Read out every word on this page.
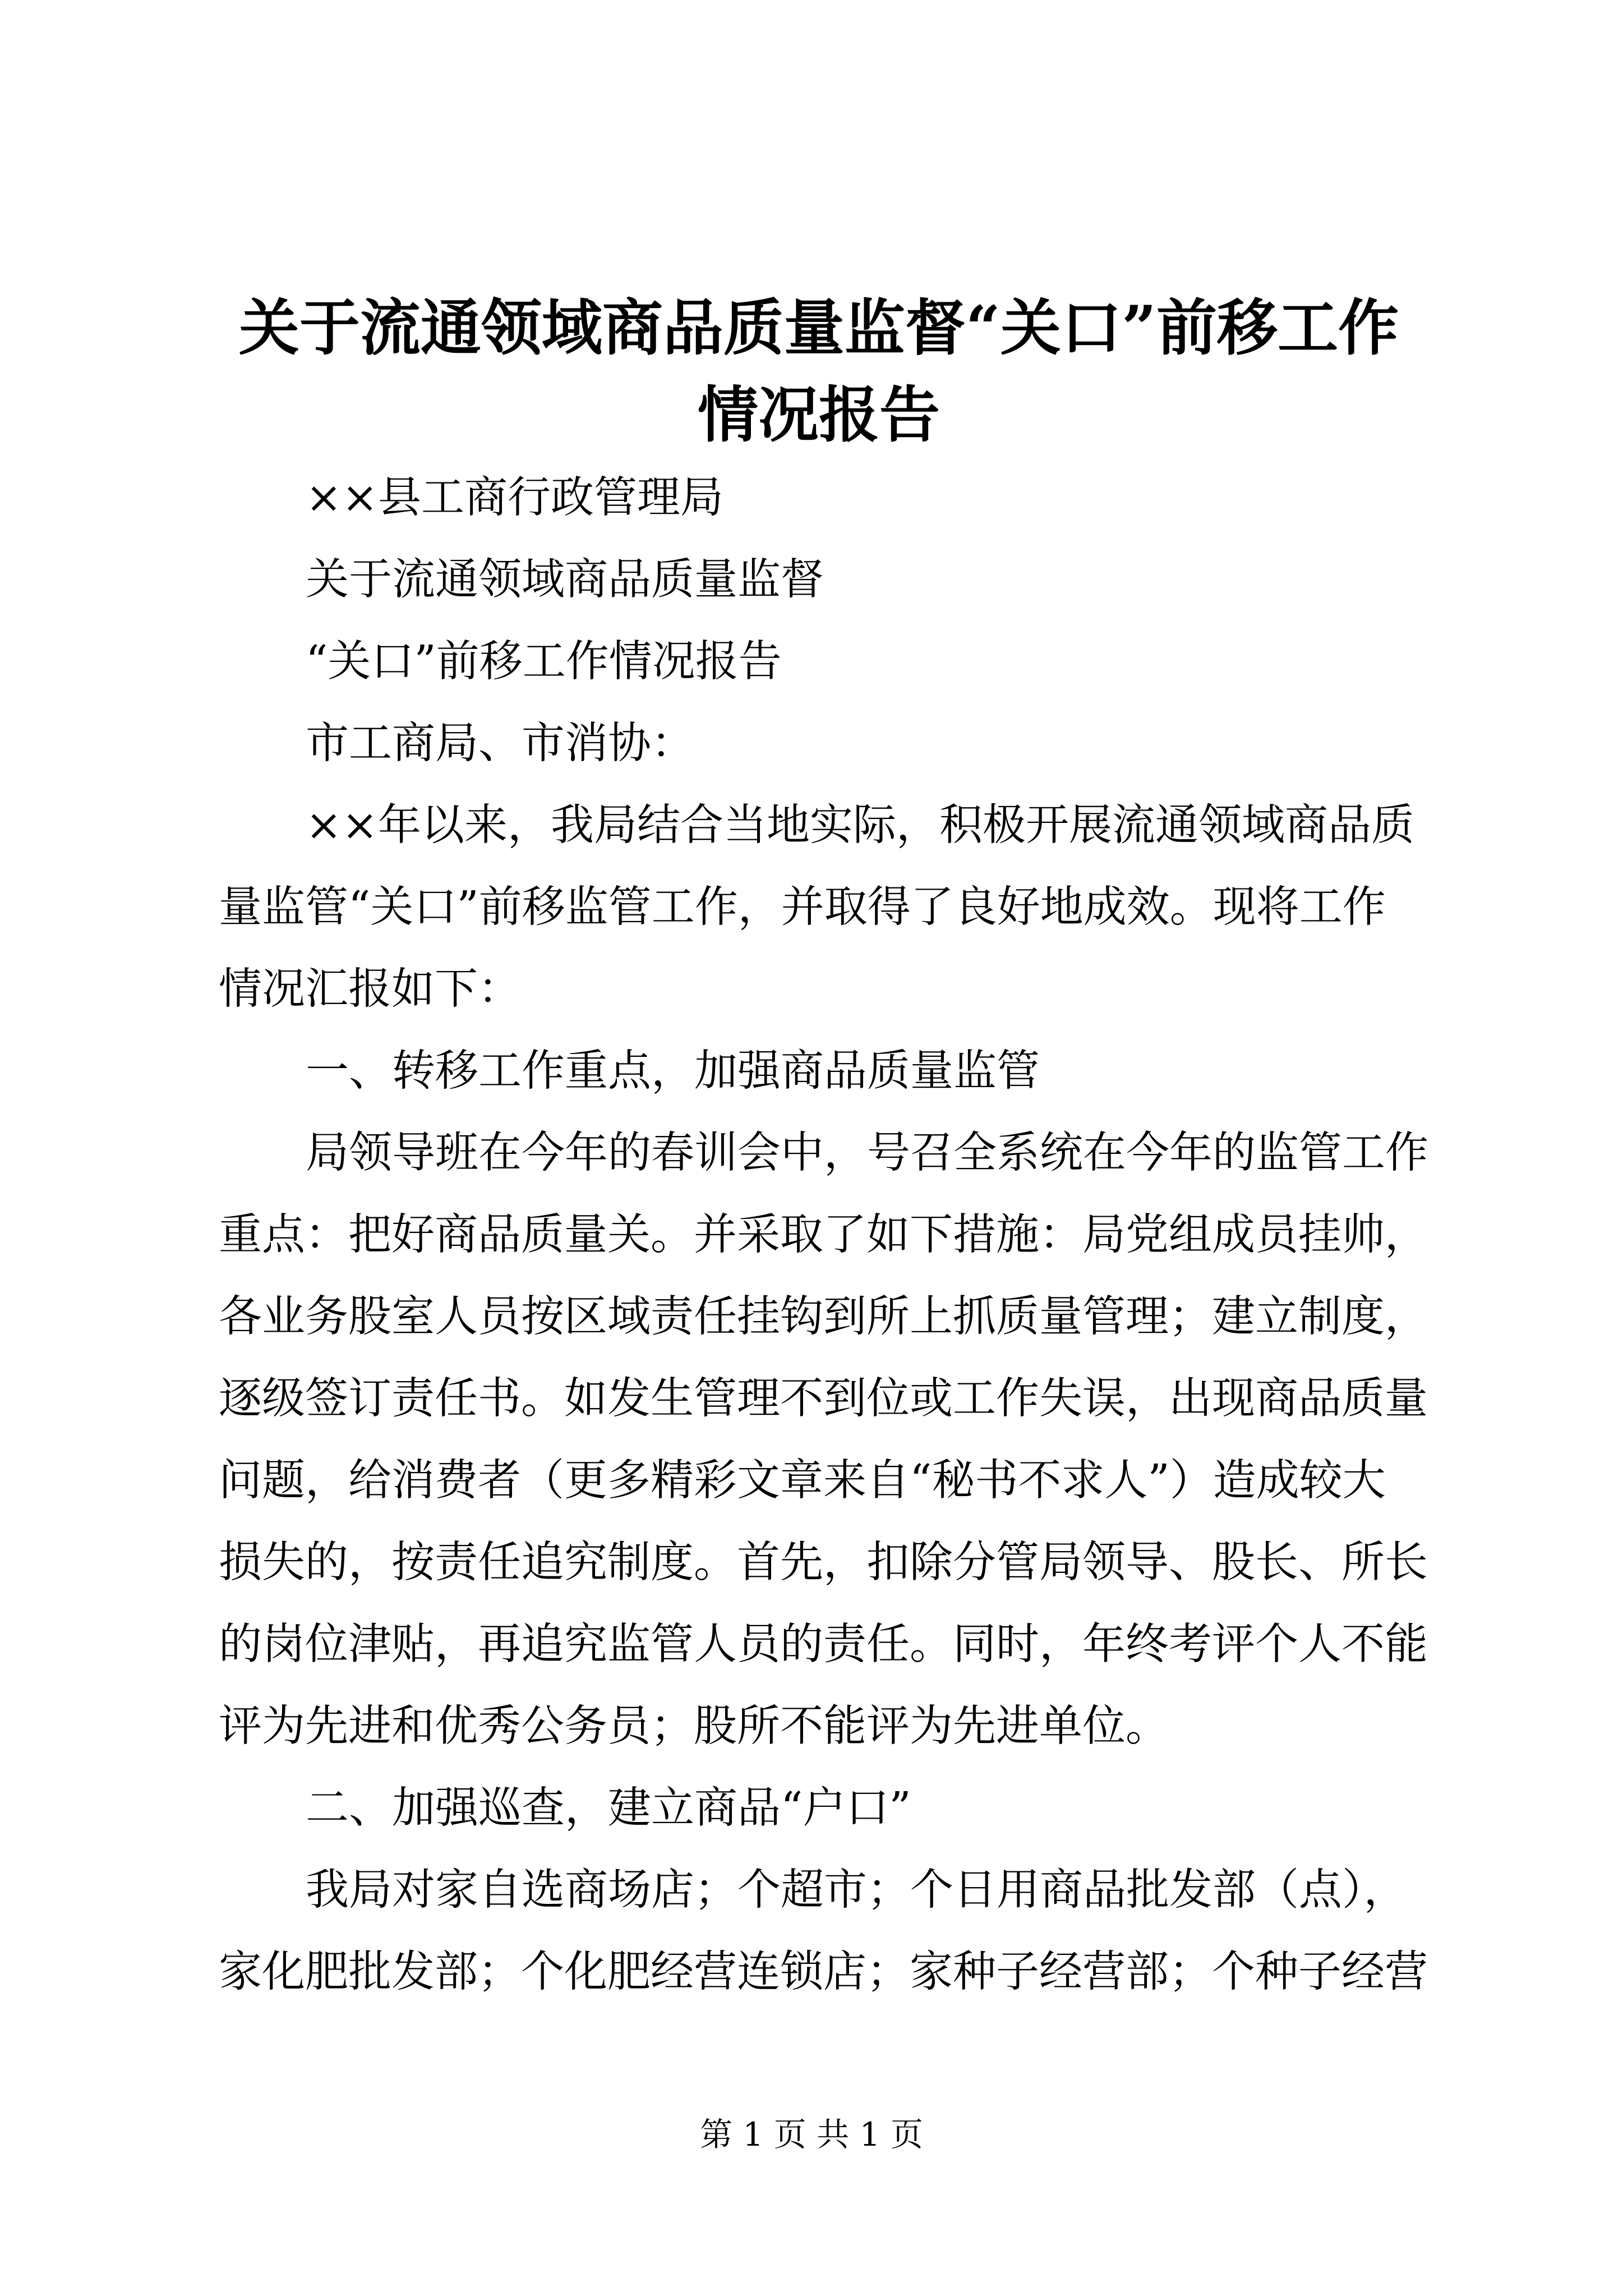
关于流通领域商品质量监督“关口”前移工作
情况报告
××县工商行政管理局
关于流通领域商品质量监督
“关口”前移工作情况报告
市工商局、市消协：
××年以来，我局结合当地实际，积极开展流通领域商品质
量监管“关口”前移监管工作，并取得了良好地成效。现将工作
情况汇报如下：
一、转移工作重点，加强商品质量监管
局领导班在今年的春训会中，号召全系统在今年的监管工作
重点：把好商品质量关。并采取了如下措施：局党组成员挂帅，
各业务股室人员按区域责任挂钩到所上抓质量管理；建立制度，
逐级签订责任书。如发生管理不到位或工作失误，出现商品质量
问题，给消费者（更多精彩文章来自“秘书不求人”）造成较大
损失的，按责任追究制度。首先，扣除分管局领导、股长、所长
的岗位津贴，再追究监管人员的责任。同时，年终考评个人不能
评为先进和优秀公务员；股所不能评为先进单位。
二、加强巡查，建立商品“户口”
我局对家自选商场店；个超市；个日用商品批发部（点），
家化肥批发部；个化肥经营连锁店；家种子经营部；个种子经营
第 1 页 共 1 页
